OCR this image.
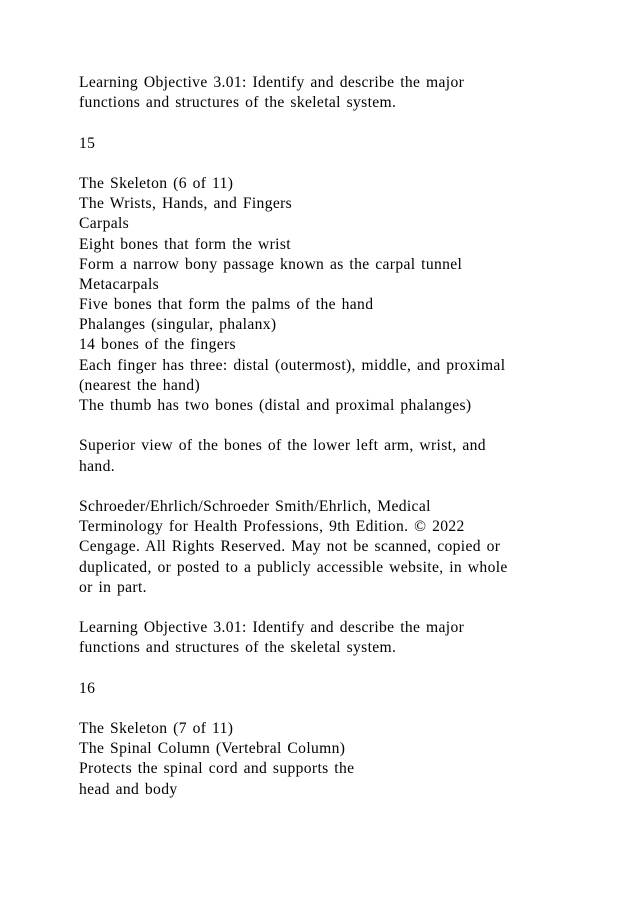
Learning Objective 3.01: Identify and describe the major
functions and structures of the skeletal system.
15
The Skeleton (6 of 11)
The Wrists, Hands, and Fingers
Carpals
Eight bones that form the wrist
Form a narrow bony passage known as the carpal tunnel
Metacarpals
Five bones that form the palms of the hand
Phalanges (singular, phalanx)
14 bones of the fingers
Each finger has three: distal (outermost), middle, and proximal
(nearest the hand)
The thumb has two bones (distal and proximal phalanges)
Superior view of the bones of the lower left arm, wrist, and
hand.
Schroeder/Ehrlich/Schroeder Smith/Ehrlich, Medical
Terminology for Health Professions, 9th Edition. © 2022
Cengage. All Rights Reserved. May not be scanned, copied or
duplicated, or posted to a publicly accessible website, in whole
or in part.
Learning Objective 3.01: Identify and describe the major
functions and structures of the skeletal system.
16
The Skeleton (7 of 11)
The Spinal Column (Vertebral Column)
Protects the spinal cord and supports the
head and body
